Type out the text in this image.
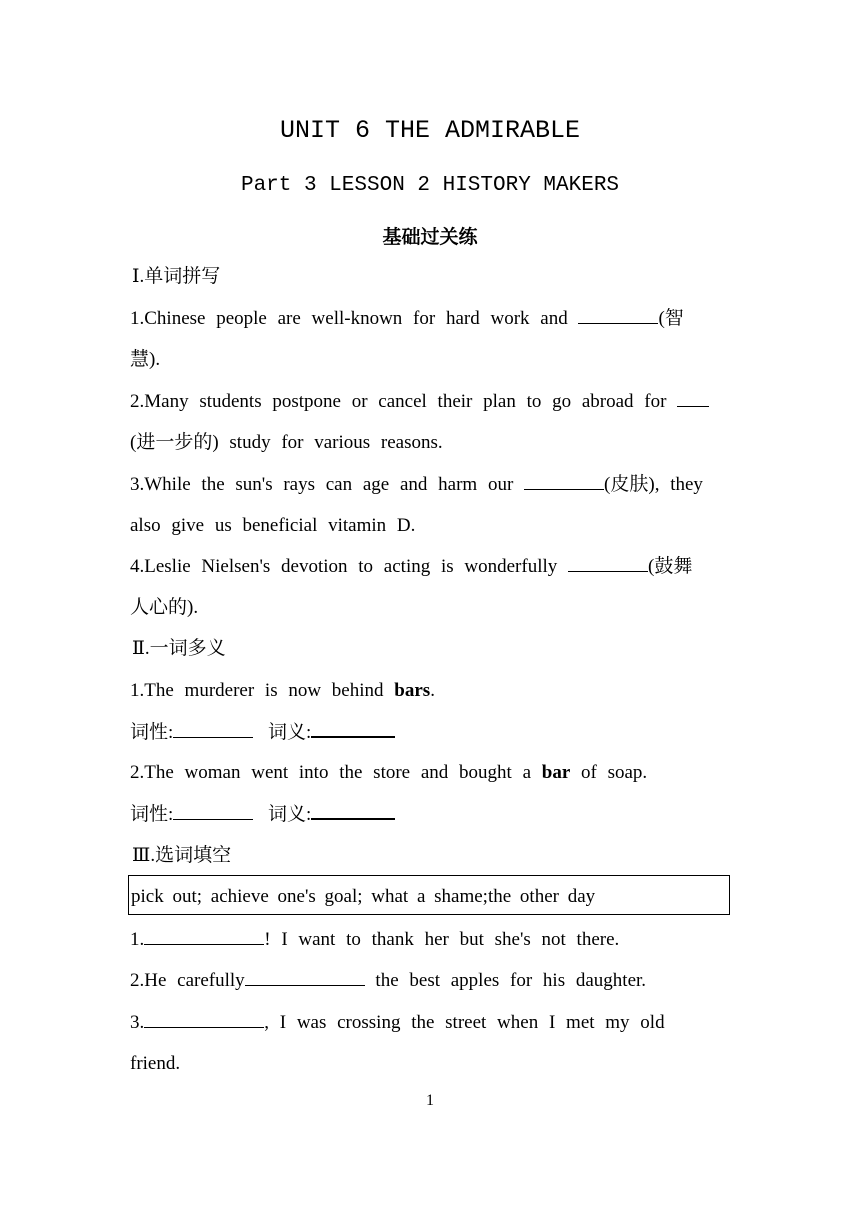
UNIT 6 THE ADMIRABLE
Part 3 LESSON 2 HISTORY MAKERS
基础过关练
Ⅰ.单词拼写
1.Chinese people are well-known for hard work and	(智
慧).
2.Many students postpone or cancel their plan to go abroad for
(进一步的) study for various reasons.
3.While the sun's rays can age and harm our	(皮肤), they
also give us beneficial vitamin D.
4.Leslie Nielsen's devotion to acting is wonderfully	(鼓舞
人心的).
Ⅱ.一词多义
1.The murderer is now behind bars.
词性:	词义:
2.The woman went into the store and bought a bar of soap.
词性:	词义:
Ⅲ.选词填空
pick out; achieve one's goal; what a shame;the other day
1.	! I want to thank her but she's not there.
2.He carefully	the best apples for his daughter.
3.	, I was crossing the street when I met my old
friend.
1
